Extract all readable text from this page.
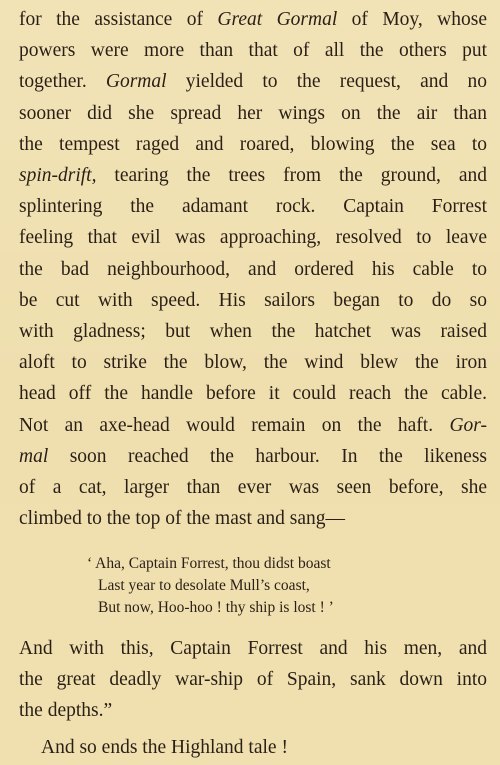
for the assistance of Great Gormal of Moy, whose
powers were more than that of all the others put
together. Gormal yielded to the request, and no
sooner did she spread her wings on the air than
the tempest raged and roared, blowing the sea to
spin-drift, tearing the trees from the ground, and
splintering the adamant rock. Captain Forrest
feeling that evil was approaching, resolved to leave
the bad neighbourhood, and ordered his cable to
be cut with speed. His sailors began to do so
with gladness; but when the hatchet was raised
aloft to strike the blow, the wind blew the iron
head off the handle before it could reach the cable.
Not an axe-head would remain on the haft. Gor-
mal soon reached the harbour. In the likeness
of a cat, larger than ever was seen before, she
climbed to the top of the mast and sang—
‘ Aha, Captain Forrest, thou didst boast
Last year to desolate Mull’s coast,
But now, Hoo-hoo ! thy ship is lost ! ’
And with this, Captain Forrest and his men, and
the great deadly war-ship of Spain, sank down into
the depths.”
And so ends the Highland tale !
